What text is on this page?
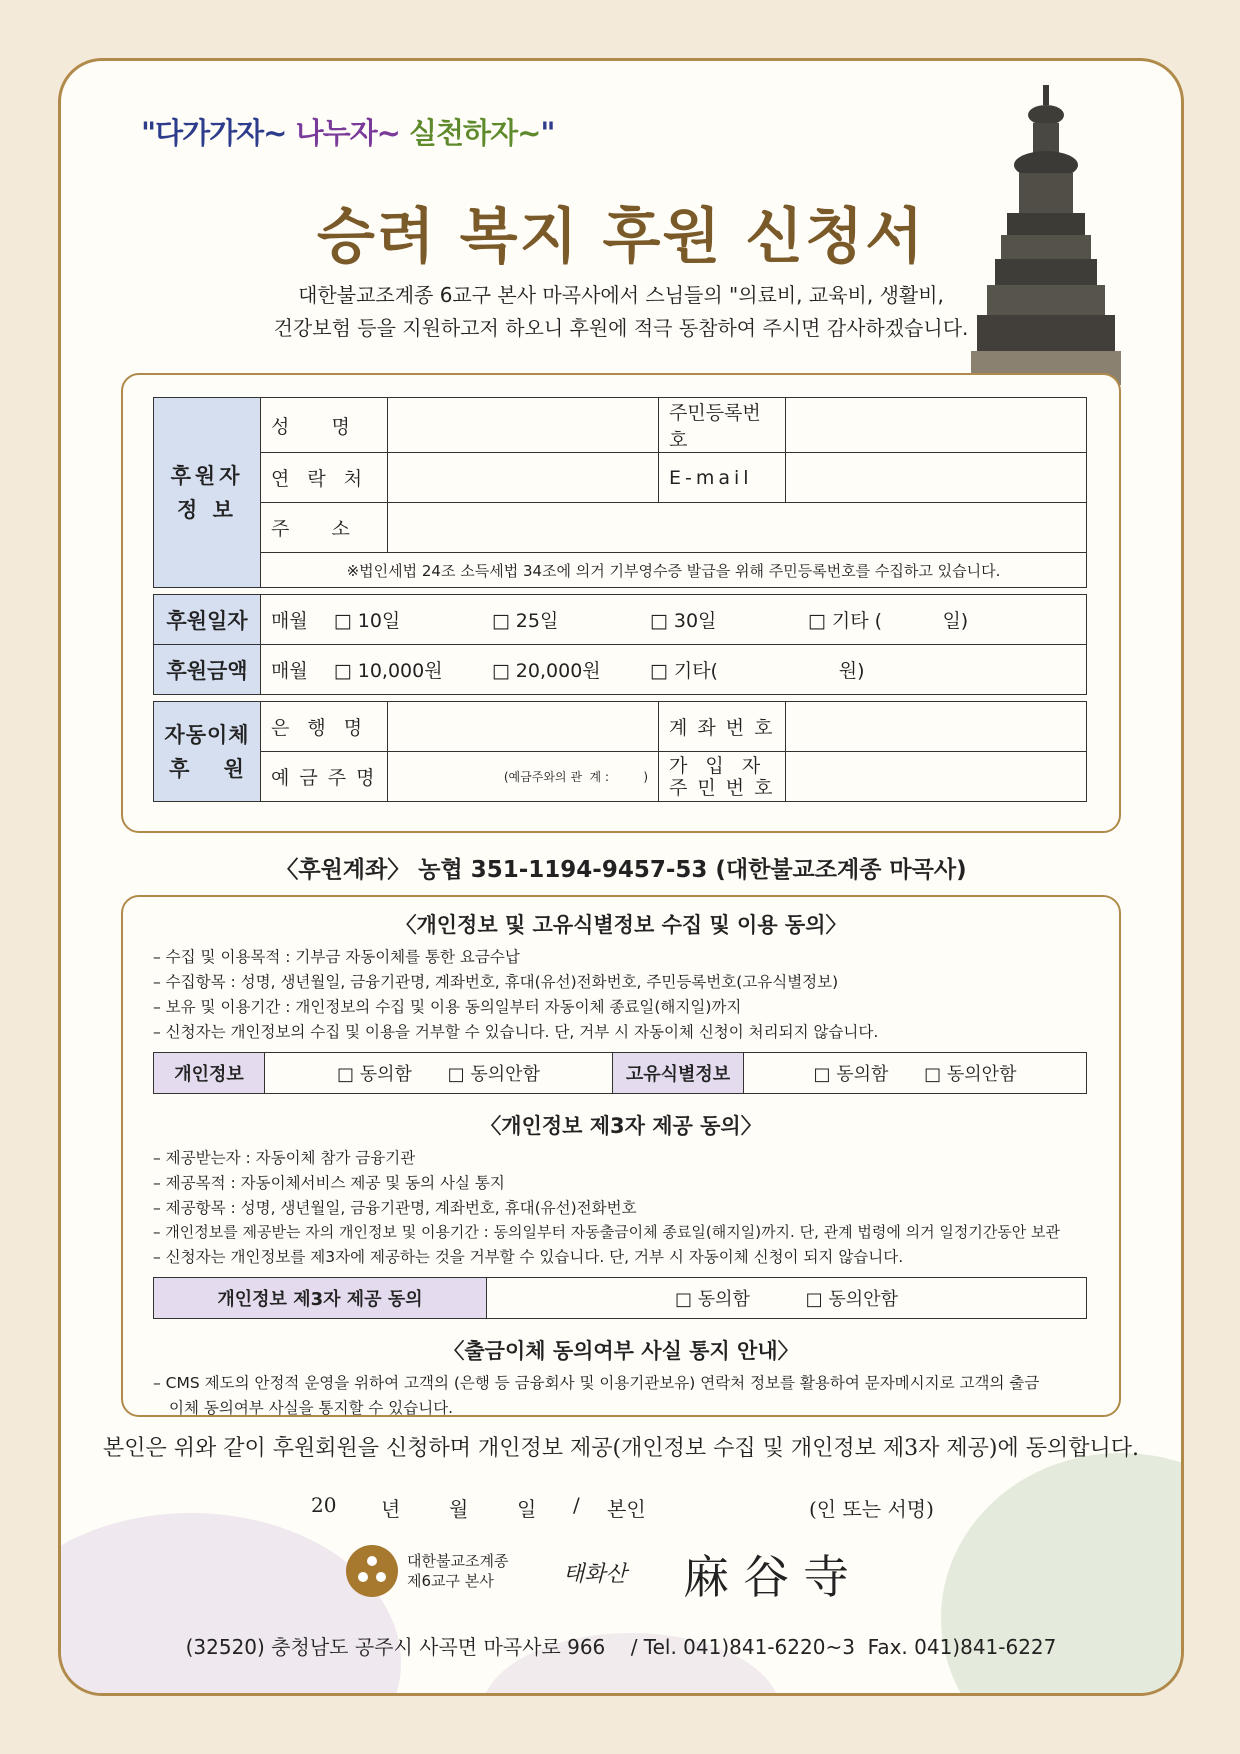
"다가가자~ 나누자~ 실천하자~"
승려 복지 후원 신청서
대한불교조계종 6교구 본사 마곡사에서 스님들의 "의료비, 교육비, 생활비,
건강보험 등을 지원하고저 하오니 후원에 적극 동참하여 주시면 감사하겠습니다.
후원자
정 보	성   명		주민등록번호	
	연 락 처		E-mail	
	주   소			
	※법인세법 24조 소득세법 34조에 의거 기부영수증 발급을 위해 주민등록번호를 수집하고 있습니다.			

후원일자	매월 □ 10일 □ 25일 □ 30일 □ 기타 (          일)			
후원금액	매월 □ 10,000원 □ 20,000원 □ 기타(                    원)			

자동이체
후    원	은 행 명		계 좌 번 호	
	예 금 주 명	(예금주와의 관  계 :         )	가  입  자
주 민 번 호	

〈후원계좌〉 농협 351-1194-9457-53 (대한불교조계종 마곡사)
〈개인정보 및 고유식별정보 수집 및 이용 동의〉
– 수집 및 이용목적 : 기부금 자동이체를 통한 요금수납
– 수집항목 : 성명, 생년월일, 금융기관명, 계좌번호, 휴대(유선)전화번호, 주민등록번호(고유식별정보)
– 보유 및 이용기간 : 개인정보의 수집 및 이용 동의일부터 자동이체 종료일(해지일)까지
– 신청자는 개인정보의 수집 및 이용을 거부할 수 있습니다. 단, 거부 시 자동이체 신청이 처리되지 않습니다.
개인정보	□ 동의함 □ 동의안함	고유식별정보	□ 동의함 □ 동의안함
〈개인정보 제3자 제공 동의〉
– 제공받는자 : 자동이체 참가 금융기관
– 제공목적 : 자동이체서비스 제공 및 동의 사실 통지
– 제공항목 : 성명, 생년월일, 금융기관명, 계좌번호, 휴대(유선)전화번호
– 개인정보를 제공받는 자의 개인정보 및 이용기간 : 동의일부터 자동출금이체 종료일(해지일)까지. 단, 관계 법령에 의거 일정기간동안 보관
– 신청자는 개인정보를 제3자에 제공하는 것을 거부할 수 있습니다. 단, 거부 시 자동이체 신청이 되지 않습니다.
개인정보 제3자 제공 동의	□ 동의함	□ 동의안함
〈출금이체 동의여부 사실 통지 안내〉
– CMS 제도의 안정적 운영을 위하여 고객의 (은행 등 금융회사 및 이용기관보유) 연락처 정보를 활용하여 문자메시지로 고객의 출금
이체 동의여부 사실을 통지할 수 있습니다.
본인은 위와 같이 후원회원을 신청하며 개인정보 제공(개인정보 수집 및 개인정보 제3자 제공)에 동의합니다.
20 년 월 일 / 본인	(인 또는 서명)
대한불교조계종
제6교구 본사	태화산 麻谷寺
(32520) 충청남도 공주시 사곡면 마곡사로 966    / Tel. 041)841-6220~3  Fax. 041)841-6227
